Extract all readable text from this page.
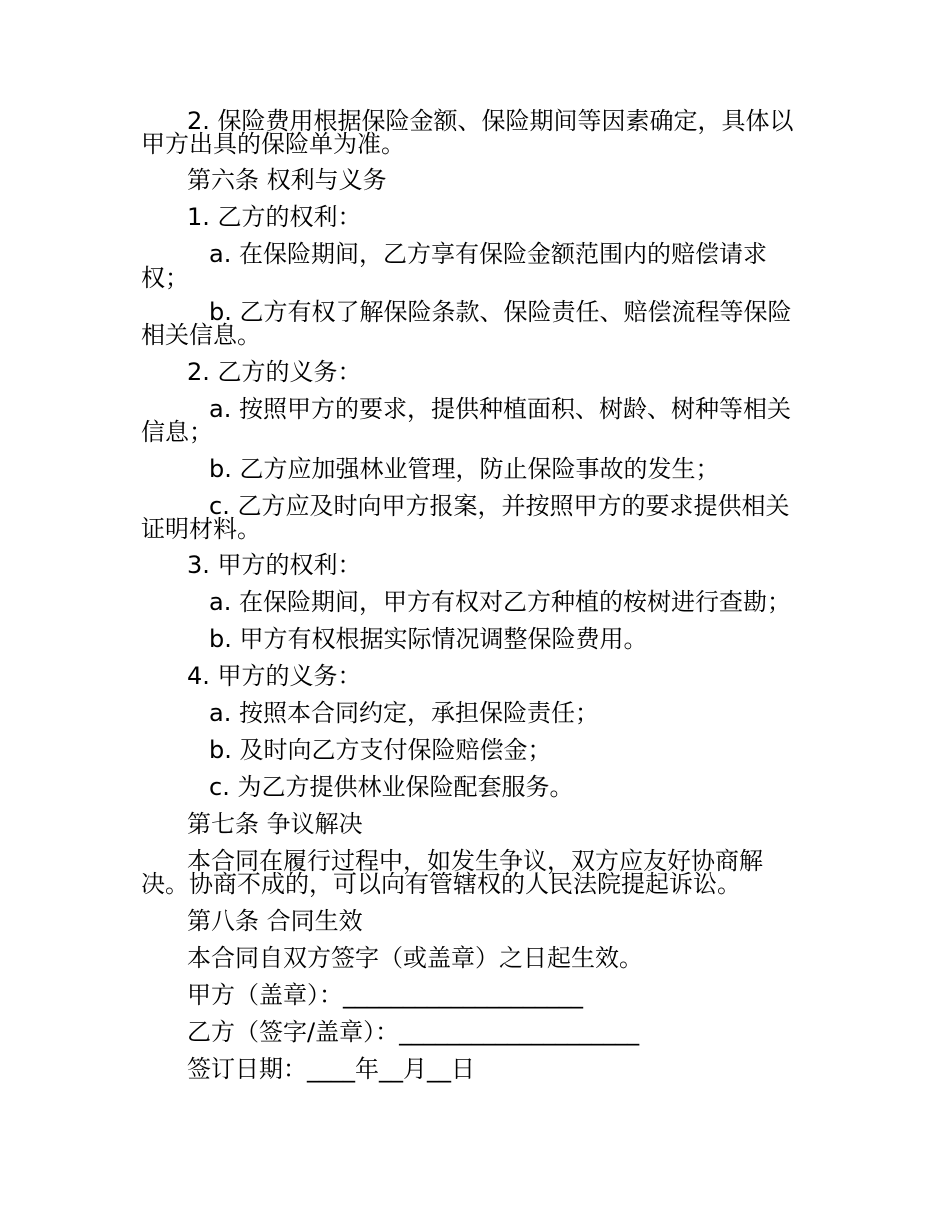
2. 保险费用根据保险金额、保险期间等因素确定，具体以
甲方出具的保险单为准。
第六条 权利与义务
1. 乙方的权利：
a. 在保险期间，乙方享有保险金额范围内的赔偿请求
权；
b. 乙方有权了解保险条款、保险责任、赔偿流程等保险
相关信息。
2. 乙方的义务：
a. 按照甲方的要求，提供种植面积、树龄、树种等相关
信息；
b. 乙方应加强林业管理，防止保险事故的发生；
c. 乙方应及时向甲方报案，并按照甲方的要求提供相关
证明材料。
3. 甲方的权利：
a. 在保险期间，甲方有权对乙方种植的桉树进行查勘；
b. 甲方有权根据实际情况调整保险费用。
4. 甲方的义务：
a. 按照本合同约定，承担保险责任；
b. 及时向乙方支付保险赔偿金；
c. 为乙方提供林业保险配套服务。
第七条 争议解决
本合同在履行过程中，如发生争议，双方应友好协商解
决。协商不成的，可以向有管辖权的人民法院提起诉讼。
第八条 合同生效
本合同自双方签字（或盖章）之日起生效。
甲方（盖章）：____________________
乙方（签字/盖章）：____________________
签订日期：____年__月__日
